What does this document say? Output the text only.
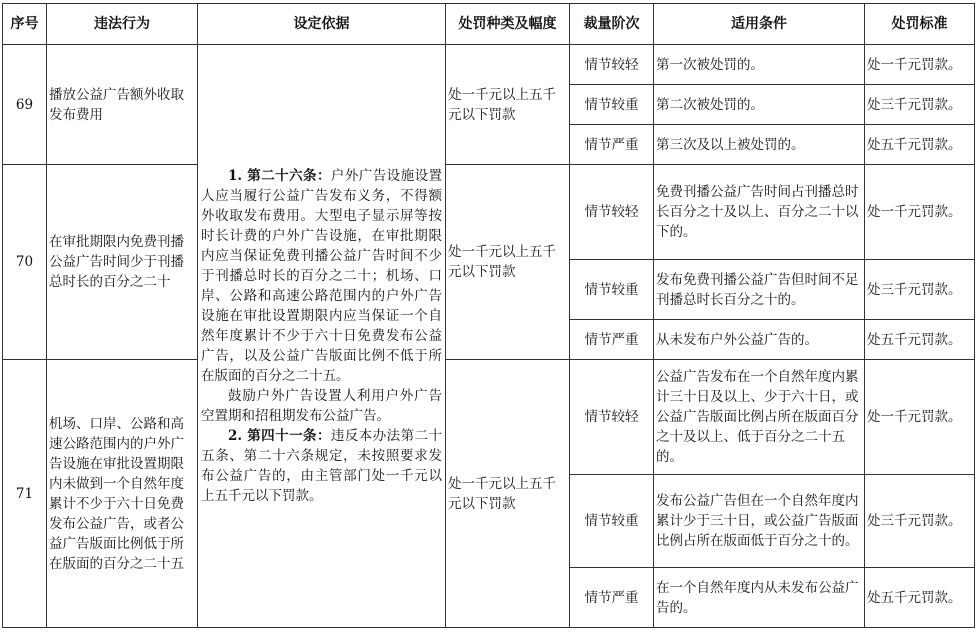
序号	违法行为	设定依据	处罚种类及幅度	裁量阶次	适用条件	处罚标准
69	播放公益广告额外收取发布费用	1. 第二十六条：户外广告设施设置人应当履行公益广告发布义务，不得额外收取发布费用。大型电子显示屏等按时长计费的户外广告设施，在审批期限内应当保证免费刊播公益广告时间不少于刊播总时长的百分之二十；机场、口岸、公路和高速公路范围内的户外广告设施在审批设置期限内应当保证一个自然年度累计不少于六十日免费发布公益广告，以及公益广告版面比例不低于所在版面的百分之二十五。
鼓励户外广告设置人利用户外广告空置期和招租期发布公益广告。
2. 第四十一条：违反本办法第二十五条、第二十六条规定，未按照要求发布公益广告的，由主管部门处一千元以上五千元以下罚款。	处一千元以上五千元以下罚款	情节较轻	第一次被处罚的。	处一千元罚款。
				情节较重	第二次被处罚的。	处三千元罚款。
				情节严重	第三次及以上被处罚的。	处五千元罚款。
70	在审批期限内免费刊播公益广告时间少于刊播总时长的百分之二十		处一千元以上五千元以下罚款	情节较轻	免费刊播公益广告时间占刊播总时长百分之十及以上、百分之二十以下的。	处一千元罚款。
				情节较重	发布免费刊播公益广告但时间不足刊播总时长百分之十的。	处三千元罚款。
				情节严重	从未发布户外公益广告的。	处五千元罚款。
71	机场、口岸、公路和高速公路范围内的户外广告设施在审批设置期限内未做到一个自然年度累计不少于六十日免费发布公益广告，或者公益广告版面比例低于所在版面的百分之二十五		处一千元以上五千元以下罚款	情节较轻	公益广告发布在一个自然年度内累计三十日及以上、少于六十日，或公益广告版面比例占所在版面百分之十及以上、低于百分之二十五的。	处一千元罚款。
				情节较重	发布公益广告但在一个自然年度内累计少于三十日，或公益广告版面比例占所在版面低于百分之十的。	处三千元罚款。
				情节严重	在一个自然年度内从未发布公益广告的。	处五千元罚款。
